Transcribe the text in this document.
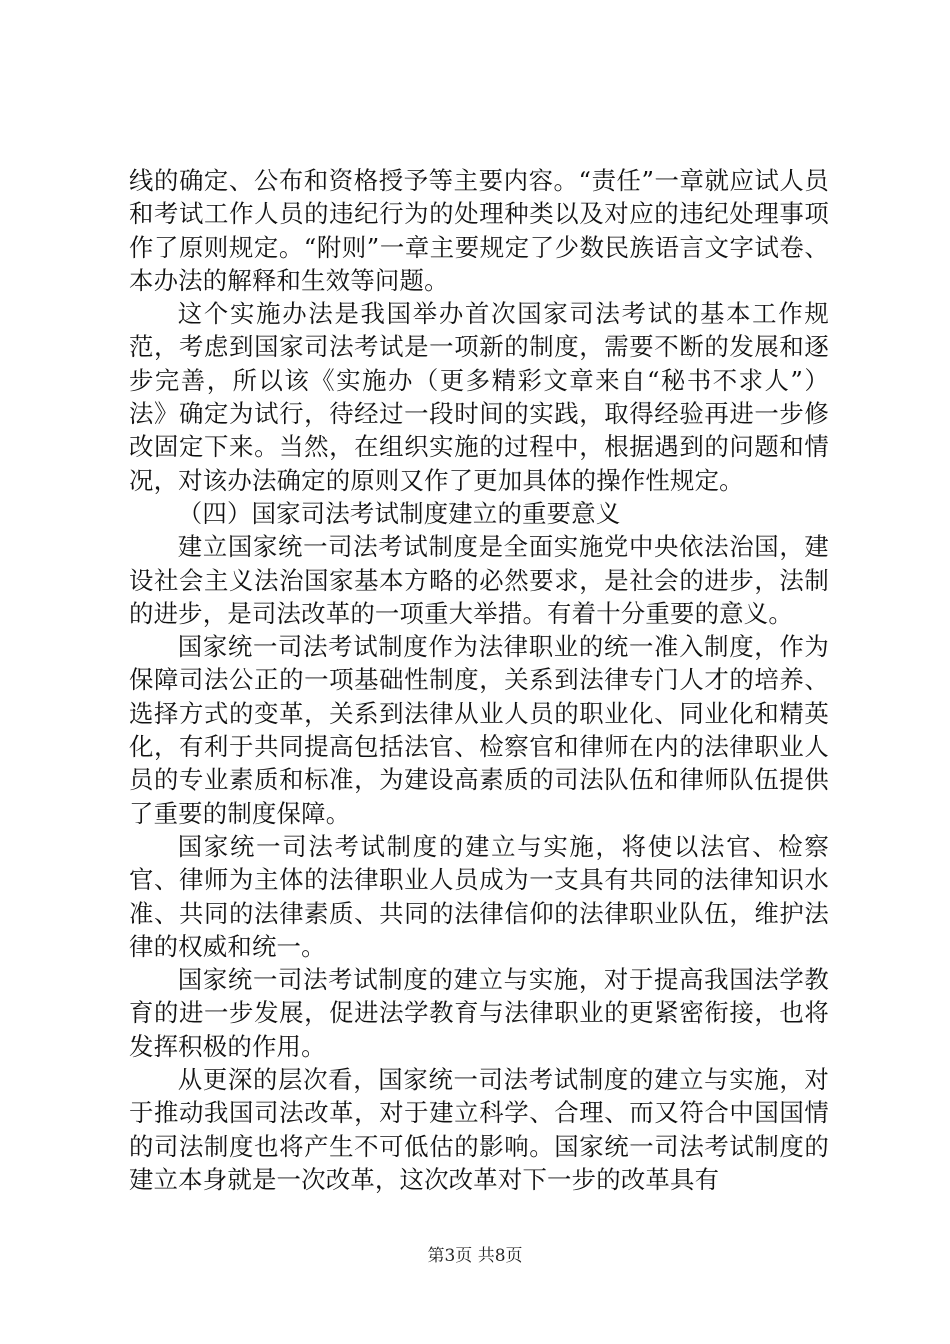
线的确定、公布和资格授予等主要内容。“责任”一章就应试人员和考试工作人员的违纪行为的处理种类以及对应的违纪处理事项作了原则规定。“附则”一章主要规定了少数民族语言文字试卷、本办法的解释和生效等问题。

这个实施办法是我国举办首次国家司法考试的基本工作规范，考虑到国家司法考试是一项新的制度，需要不断的发展和逐步完善，所以该《实施办（更多精彩文章来自“秘书不求人”）法》确定为试行，待经过一段时间的实践，取得经验再进一步修改固定下来。当然，在组织实施的过程中，根据遇到的问题和情况，对该办法确定的原则又作了更加具体的操作性规定。

（四）国家司法考试制度建立的重要意义

建立国家统一司法考试制度是全面实施党中央依法治国，建设社会主义法治国家基本方略的必然要求，是社会的进步，法制的进步，是司法改革的一项重大举措。有着十分重要的意义。

国家统一司法考试制度作为法律职业的统一准入制度，作为保障司法公正的一项基础性制度，关系到法律专门人才的培养、选择方式的变革，关系到法律从业人员的职业化、同业化和精英化，有利于共同提高包括法官、检察官和律师在内的法律职业人员的专业素质和标准，为建设高素质的司法队伍和律师队伍提供了重要的制度保障。

国家统一司法考试制度的建立与实施，将使以法官、检察官、律师为主体的法律职业人员成为一支具有共同的法律知识水准、共同的法律素质、共同的法律信仰的法律职业队伍，维护法律的权威和统一。

国家统一司法考试制度的建立与实施，对于提高我国法学教育的进一步发展，促进法学教育与法律职业的更紧密衔接，也将发挥积极的作用。

从更深的层次看，国家统一司法考试制度的建立与实施，对于推动我国司法改革，对于建立科学、合理、而又符合中国国情的司法制度也将产生不可低估的影响。国家统一司法考试制度的建立本身就是一次改革，这次改革对下一步的改革具有

第3页 共8页
